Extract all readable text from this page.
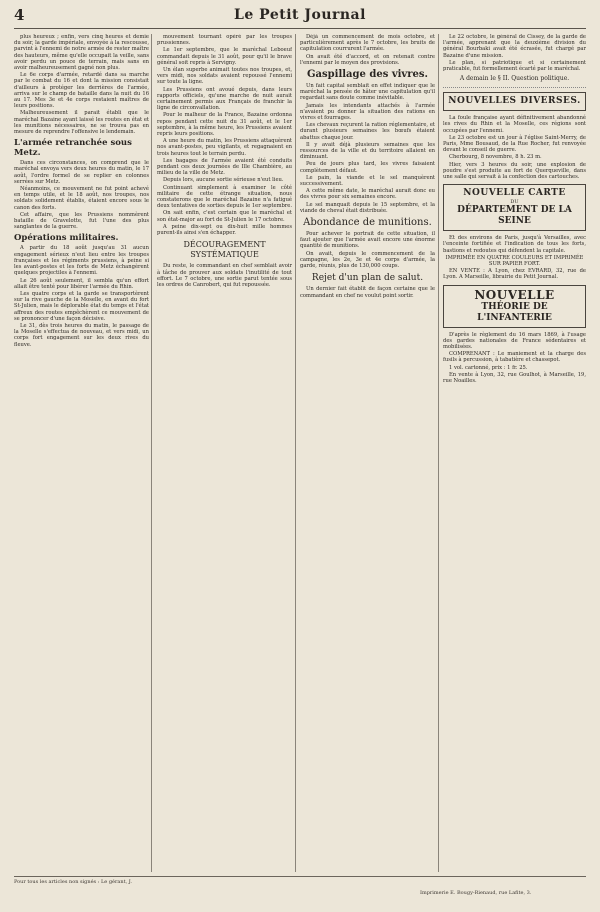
4	Le Petit Journal

plus heureux ; enfin, vers cinq heures et demie du soir, la garde impériale, envoyée à la rescousse, parvint à l'ennemi de notre armée de rester maître des hauteurs, même qu'elle occupait la veille, sans avoir perdu un pouce de terrain, mais sans en avoir malheureusement gagné non plus.

Le 6e corps d'armée, retardé dans sa marche par le combat du 16 et dont la mission consistait d'ailleurs à protéger les derrières de l'armée, arriva sur le champ de bataille dans la nuit du 16 au 17. Mes 3e et 4e corps restaient maîtres de leurs positions.

Malheureusement il parait établi que le maréchal Bazaine ayant laissé les routes en état et les munitions nécessaires, ne se trouva pas en mesure de reprendre l'offensive le lendemain.

L'armée retranchée sous Metz.

Dans ces circonstances, on comprend que le maréchal envoya vers deux heures du matin, le 17 août, l'ordre formel de se replier en colonnes serrées sur Metz.

Néanmoins, ce mouvement ne fut point achevé en temps utile, et le 18 août, nos troupes, nos soldats solidement établis, étaient encore sous le canon des forts.

Cet affaire, que les Prussiens nommèrent bataille de Gravelotte, fut l'une des plus sanglantes de la guerre.

Opérations militaires.

A partir du 18 août jusqu'au 31 aucun engagement sérieux n'eut lieu entre les troupes françaises et les régiments prussiens, à peine si les avant-postes et les forts de Metz échangèrent quelques projectiles à l'ennemi.

Le 26 août seulement, il sembla qu'un effort allait être tenté pour libérer l'armée du Rhin.

Les quatre corps et la garde se transportèrent sur la rive gauche de la Moselle, en avant du fort St-Julien, mais le déplorable état du temps et l'état affreux des routes empêchèrent ce mouvement de se prononcer d'une façon décisive.

Le 31, dès trois heures du matin, le passage de la Moselle s'effectua de nouveau, et vers midi, un corps fort engagement sur les deux rives du fleuve.

mouvement tournant opéré par les troupes prussiennes.

Le 1er septembre, que le maréchal Leboeuf commandait depuis le 31 août, pour qu'il le brave général soit repris à Servigny.

Un élan superbe animait toutes nos troupes, et, vers midi, nos soldats avaient repoussé l'ennemi sur toute la ligne.

Les Prussiens ont avoué depuis, dans leurs rapports officiels, qu'une marche de nuit aurait certainement permis aux Français de franchir la ligne de circonvallation.

Pour le malheur de la France, Bazaine ordonna repos pendant cette nuit du 31 août, et le 1er septembre, à la même heure, les Prussiens avaient repris leurs positions.

A une heure du matin, les Prussiens attaquèrent nos avant-postes, peu vigilants, et regagnaient en trois heures tout le terrain perdu.

Les bagages de l'armée avaient été conduits pendant ces deux journées de Ille Chambière, au milieu de la ville de Metz.

Depuis lors, aucune sortie sérieuse n'eut lieu.

Continuant simplement à examiner le côté militaire de cette étrange situation, nous constaterons que le maréchal Bazaine n'a fatigué deux tentatives de sorties depuis le 1er septembre.

On sait enfin, c'est certain que le maréchal et son état-major au fort de St-Julien le 17 octobre.

A peine dix-sept ou dix-huit mille hommes purent-ils ainsi s'en échapper.

DÉCOURAGEMENT SYSTÉMATIQUE

Du reste, le commandant en chef semblait avoir à tâche de prouver aux soldats l'inutilité de tout effort. Le 7 octobre, une sortie parut tentée sous les ordres de Canrobert, qui fut repoussée.

Déjà un commencement de mois octobre, et particulièrement après le 7 octobre, les bruits de capitulation courrurent l'armée.

On avait été d'accord, et on retenait contre l'ennemi par le moyen des provisions.

Gaspillage des vivres.

Un fait capital semblait en effet indiquer que le maréchal la pensée de hâter une capitulation qu'il regardait sans doute comme inévitable.

Jamais les intendants attachés à l'armée n'avaient pu donner la situation des rations en vivres et fourrages.

Les chevaux reçurent la ration réglementaire, et durant plusieurs semaines les bœufs étaient abattus chaque jour.

Il y avait déjà plusieurs semaines que les ressources de la ville et du territoire allaient en diminuant.

Peu de jours plus tard, les vivres faisaient complètement défaut.

Le pain, la viande et le sel manquèrent successivement.

A cette même date, le maréchal aurait donc eu des vivres pour six semaines encore.

Le sel manquait depuis le 15 septembre, et la viande de cheval était distribuée.

Abondance de munitions.

Pour achever le portrait de cette situation, il faut ajouter que l'armée avait encore une énorme quantité de munitions.

On avait, depuis le commencement de la campagne, les 2e, 3e et 4e corps d'armée, la garde, réunis, plus de 130,000 coups.

Rejet d'un plan de salut.

Un dernier fait établit de façon certaine que le commandant en chef ne voulut point sortir.

Le 22 octobre, le général de Cissey, de la garde de l'armée, apprenant que la deuxième division du général Bourbaki avait été écrasée, fut chargé par Bazaine d'une mission.

Le plan, si patriotique et si certainement praticable, fut formellement écarté par le maréchal.

A demain le § II. Question politique.

NOUVELLES DIVERSES.

La foule française ayant définitivement abandonné les rives du Rhin et la Moselle, ces régions sont occupées par l'ennemi.

Le 23 octobre est un jour à l'église Saint-Merry, de Paris, Mme Bousaud, de la Rue Rocher, fut renvoyée devant le conseil de guerre.

Cherbourg, 8 novembre, 8 h. 23 m.

Hier, vers 3 heures du soir, une explosion de poudre s'est produite au fort de Querqueville, dans une salle qui servait à la confection des cartouches.

NOUVELLE CARTE
DU
DÉPARTEMENT DE LA SEINE

Et des environs de Paris, jusqu'à Versailles, avec l'enceinte fortifiée et l'indication de tous les forts, bastions et redoutes qui défendent la capitale.

IMPRIMÉE EN QUATRE COULEURS ET IMPRIMÉE SUR PAPIER FORT.

EN VENTE : A Lyon, chez EVRARD, 32, rue de Lyon. A Marseille, librairie du Petit Journal.

NOUVELLE
THÉORIE DE L'INFANTERIE

D'après le règlement du 16 mars 1869, à l'usage des gardes nationales de France sédentaires et mobilisées.

COMPRENANT : Le maniement et la charge des fusils à percussion, à tabatière et chassepot.

1 vol. cartonné, prix : 1 fr. 25.

En vente à Lyon, 32, rue Goulhot, à Marseille, 19, rue Noailles.

Pour tous les articles non signés : Le gérant, J.
Imprimerie E. Bougy-Rienaud, rue Lafite, 3.
